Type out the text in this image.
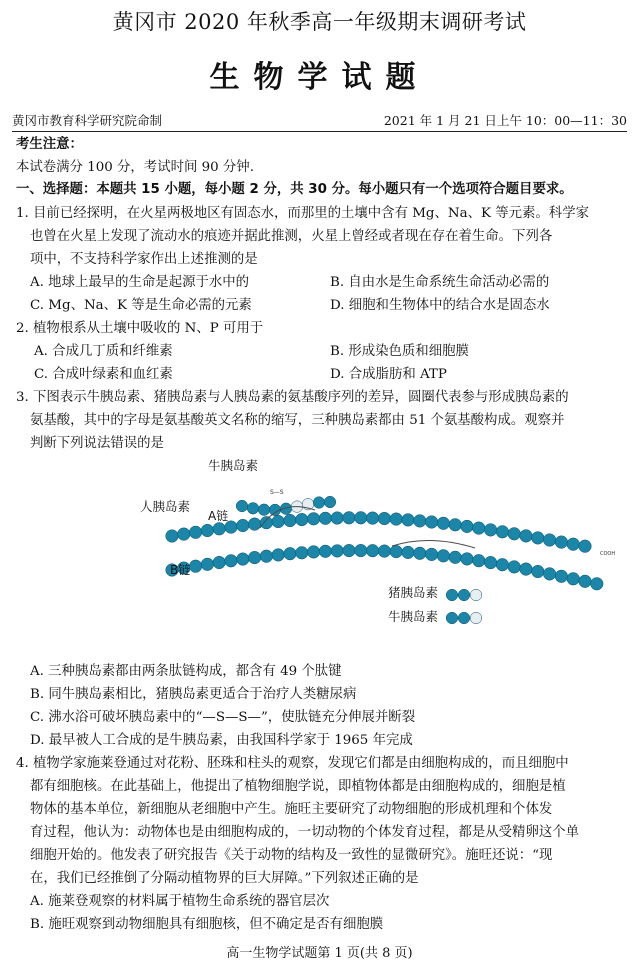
黄冈市 2020 年秋季高一年级期末调研考试
生物学试题
黄冈市教育科学研究院命制	2021 年 1 月 21 日上午 10：00—11：30
考生注意：
本试卷满分 100 分，考试时间 90 分钟.
一、选择题：本题共 15 小题，每小题 2 分，共 30 分。每小题只有一个选项符合题目要求。
1. 目前已经探明，在火星两极地区有固态水，而那里的土壤中含有 Mg、Na、K 等元素。科学家
也曾在火星上发现了流动水的痕迹并据此推测，火星上曾经或者现在存在着生命。下列各
项中，不支持科学家作出上述推测的是
A. 地球上最早的生命是起源于水中的	B. 自由水是生命系统生命活动必需的
C. Mg、Na、K 等是生命必需的元素	D. 细胞和生物体中的结合水是固态水
2. 植物根系从土壤中吸收的 N、P 可用于
A. 合成几丁质和纤维素	B. 形成染色质和细胞膜
C. 合成叶绿素和血红素	D. 合成脂肪和 ATP
3. 下图表示牛胰岛素、猪胰岛素与人胰岛素的氨基酸序列的差异，圆圈代表参与形成胰岛素的
氨基酸，其中的字母是氨基酸英文名称的缩写，三种胰岛素都由 51 个氨基酸构成。观察并
判断下列说法错误的是
牛胰岛素
人胰岛素
A链
B链
猪胰岛素
牛胰岛素
S—S
COOH
A. 三种胰岛素都由两条肽链构成，都含有 49 个肽键
B. 同牛胰岛素相比，猪胰岛素更适合于治疗人类糖尿病
C. 沸水浴可破坏胰岛素中的“—S—S—”，使肽链充分伸展并断裂
D. 最早被人工合成的是牛胰岛素，由我国科学家于 1965 年完成
4. 植物学家施莱登通过对花粉、胚珠和柱头的观察，发现它们都是由细胞构成的，而且细胞中
都有细胞核。在此基础上，他提出了植物细胞学说，即植物体都是由细胞构成的，细胞是植
物体的基本单位，新细胞从老细胞中产生。施旺主要研究了动物细胞的形成机理和个体发
育过程，他认为：动物体也是由细胞构成的，一切动物的个体发育过程，都是从受精卵这个单
细胞开始的。他发表了研究报告《关于动物的结构及一致性的显微研究》。施旺还说：“现
在，我们已经推倒了分隔动植物界的巨大屏障。”下列叙述正确的是
A. 施莱登观察的材料属于植物生命系统的器官层次
B. 施旺观察到动物细胞具有细胞核，但不确定是否有细胞膜
高一生物学试题第 1 页(共 8 页)
